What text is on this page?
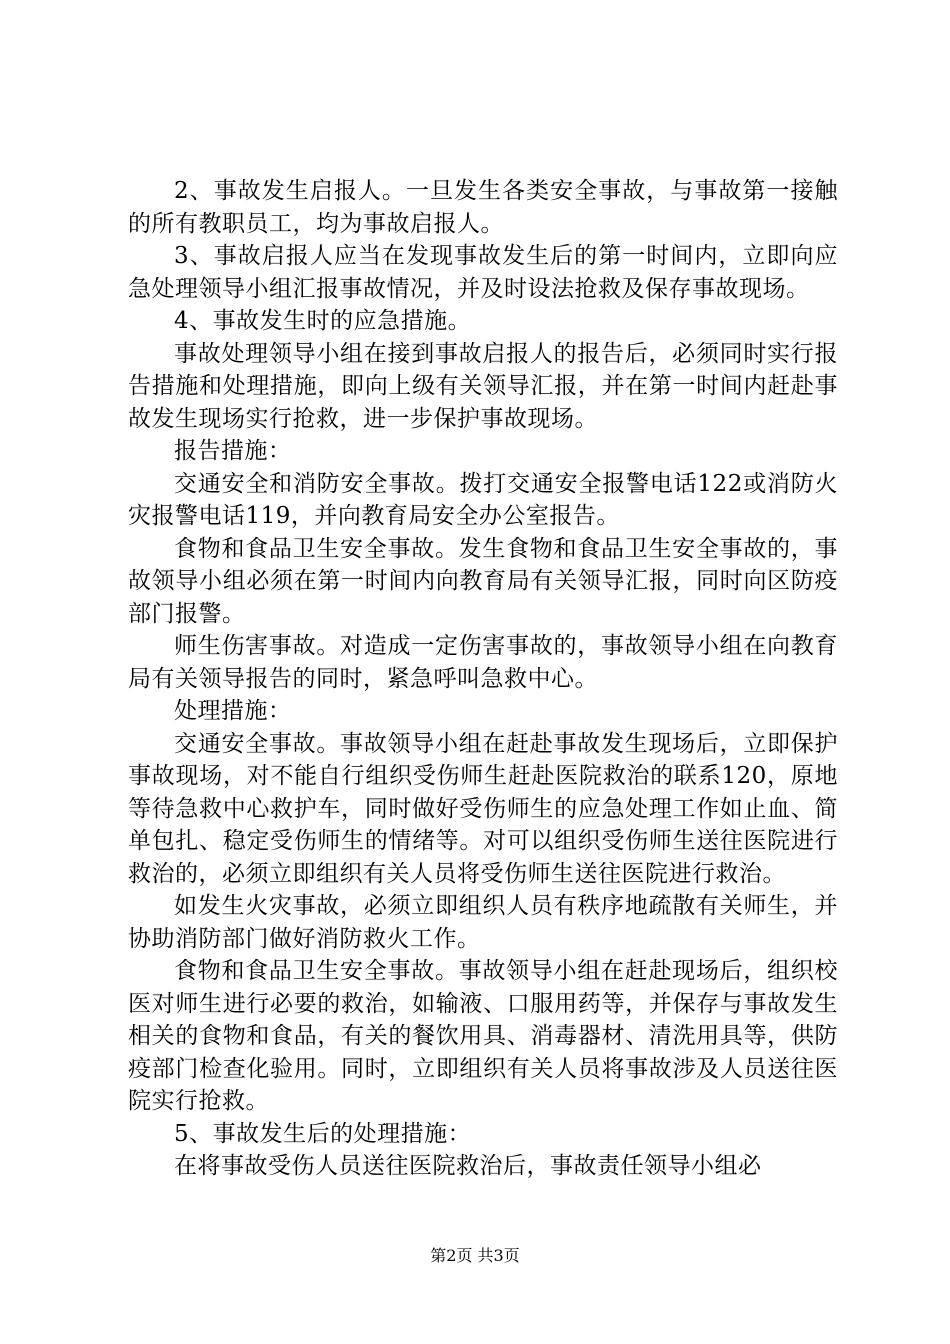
2、事故发生启报人。一旦发生各类安全事故，与事故第一接触的所有教职员工，均为事故启报人。

3、事故启报人应当在发现事故发生后的第一时间内，立即向应急处理领导小组汇报事故情况，并及时设法抢救及保存事故现场。

4、事故发生时的应急措施。

事故处理领导小组在接到事故启报人的报告后，必须同时实行报告措施和处理措施，即向上级有关领导汇报，并在第一时间内赶赴事故发生现场实行抢救，进一步保护事故现场。

报告措施：

交通安全和消防安全事故。拨打交通安全报警电话122或消防火灾报警电话119，并向教育局安全办公室报告。

食物和食品卫生安全事故。发生食物和食品卫生安全事故的，事故领导小组必须在第一时间内向教育局有关领导汇报，同时向区防疫部门报警。

师生伤害事故。对造成一定伤害事故的，事故领导小组在向教育局有关领导报告的同时，紧急呼叫急救中心。

处理措施：

交通安全事故。事故领导小组在赶赴事故发生现场后，立即保护事故现场，对不能自行组织受伤师生赶赴医院救治的联系120，原地等待急救中心救护车，同时做好受伤师生的应急处理工作如止血、简单包扎、稳定受伤师生的情绪等。对可以组织受伤师生送往医院进行救治的，必须立即组织有关人员将受伤师生送往医院进行救治。

如发生火灾事故，必须立即组织人员有秩序地疏散有关师生，并协助消防部门做好消防救火工作。

食物和食品卫生安全事故。事故领导小组在赶赴现场后，组织校医对师生进行必要的救治，如输液、口服用药等，并保存与事故发生相关的食物和食品，有关的餐饮用具、消毒器材、清洗用具等，供防疫部门检查化验用。同时，立即组织有关人员将事故涉及人员送往医院实行抢救。

5、事故发生后的处理措施：

在将事故受伤人员送往医院救治后，事故责任领导小组必

第2页 共3页
